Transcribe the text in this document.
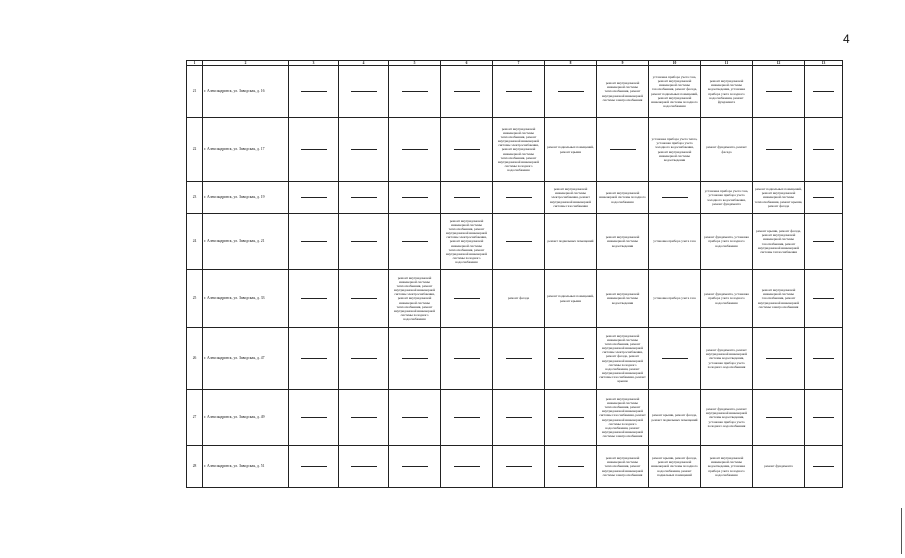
4
1	2	3	4	5	6	7	8	9	10	11	12	13
21	г. Александровск, ул. Заводская, д. 16							ремонт внутридомовой инженерной системы теплоснабжения, ремонт внутридомовой инженерной системы электроснабжения	установка прибора учета газа, ремонт внутридомовой инженерной системы газоснабжения, ремонт фасада, ремонт подвальных помещений, ремонт внутридомовой инженерной системы холодного водоснабжения	ремонт внутридомовой инженерной системы водоотведения, установка прибора учета холодного водоснабжения, ремонт фундамента		
22	г. Александровск, ул. Заводская, д. 17					ремонт внутридомовой инженерной системы теплоснабжения, ремонт внутридомовой инженерной системы электроснабжения, ремонт внутридомовой инженерной системы теплоснабжения, ремонт внутридомовой инженерной системы холодного водоснабжения	ремонт подвальных помещений, ремонт крыши		установка прибора учета тепла, установка прибора учета холодного водоснабжения, ремонт внутридомовой инженерной системы водоотведения	ремонт фундамента, ремонт фасада		
23	г. Александровск, ул. Заводская, д. 19						ремонт внутридомовой инженерной системы электроснабжения, ремонт внутридомовой инженерной системы газоснабжения	ремонт внутридомовой инженерной системы холодного водоснабжения		установка прибора учета газа, установка прибора учета холодного водоснабжения, ремонт фундамента	ремонт подвальных помещений, ремонт внутридомовой инженерной системы теплоснабжения, ремонт крыши, ремонт фасада	
24	г. Александровск, ул. Заводская, д. 21				ремонт внутридомовой инженерной системы теплоснабжения, ремонт внутридомовой инженерной системы электроснабжения, ремонт внутридомовой инженерной системы теплоснабжения, ремонт внутридомовой инженерной системы холодного водоснабжения		ремонт подвальных помещений	ремонт внутридомовой инженерной системы водоотведения	установка прибора учета газа	ремонт фундамента, установка прибора учета холодного водоснабжения	ремонт крыши, ремонт фасада, ремонт внутридомовой инженерной системы газоснабжения, ремонт внутридомовой инженерной системы теплоснабжения	
25	г. Александровск, ул. Заводская, д. 33			ремонт внутридомовой инженерной системы теплоснабжения, ремонт внутридомовой инженерной системы электроснабжения, ремонт внутридомовой инженерной системы теплоснабжения, ремонт внутридомовой инженерной системы холодного водоснабжения		ремонт фасада	ремонт подвальных помещений, ремонт крыши	ремонт внутридомовой инженерной системы водоотведения	установка прибора учета газа	ремонт фундамента, установка прибора учета холодного водоснабжения	ремонт внутридомовой инженерной системы газоснабжения, ремонт внутридомовой инженерной системы электроснабжения	
26	г. Александровск, ул. Заводская, д. 47							ремонт внутридомовой инженерной системы теплоснабжения, ремонт внутридомовой инженерной системы электроснабжения, ремонт фасада, ремонт внутридомовой инженерной системы холодного водоснабжения, ремонт внутридомовой инженерной системы газоснабжения, ремонт крыши		ремонт фундамента, ремонт внутридомовой инженерной системы водоотведения, установка прибора учета холодного водоснабжения		
27	г. Александровск, ул. Заводская, д. 49							ремонт внутридомовой инженерной системы теплоснабжения, ремонт внутридомовой инженерной системы газоснабжения, ремонт внутридомовой инженерной системы холодного водоснабжения, ремонт внутридомовой инженерной системы электроснабжения	ремонт крыши, ремонт фасада, ремонт подвальных помещений	ремонт фундамента, ремонт внутридомовой инженерной системы водоотведения, установка прибора учета холодного водоснабжения		
28	г. Александровск, ул. Заводская, д. 51							ремонт внутридомовой инженерной системы теплоснабжения, ремонт внутридомовой инженерной системы электроснабжения	ремонт крыши, ремонт фасада, ремонт внутридомовой инженерной системы холодного водоснабжения, ремонт подвальных помещений	ремонт внутридомовой инженерной системы водоотведения, установка прибора учета холодного водоснабжения	ремонт фундамента	
